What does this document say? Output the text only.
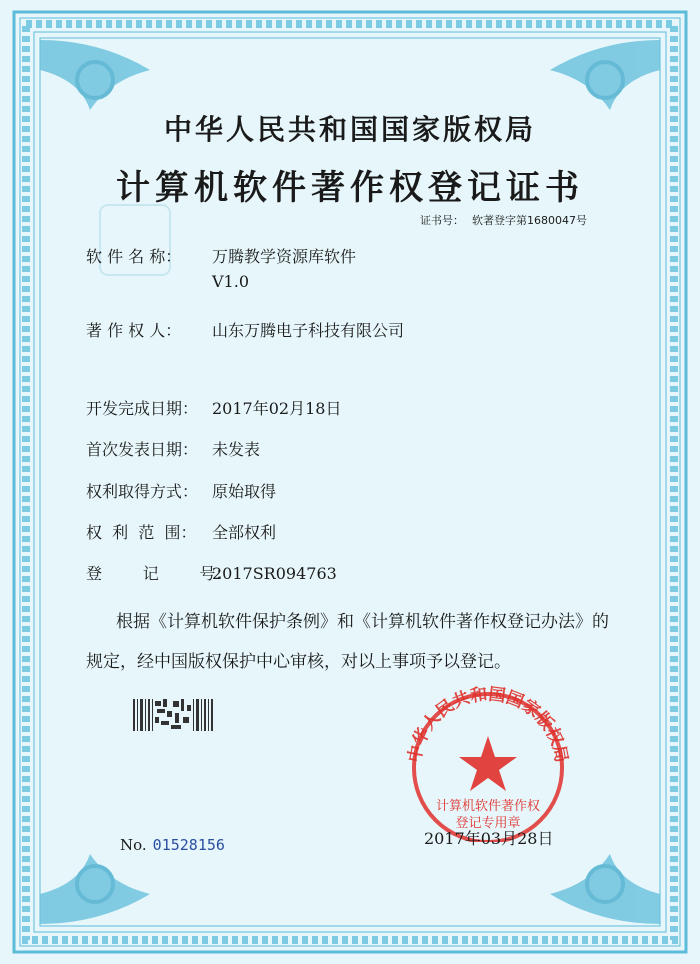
中华人民共和国国家版权局
计算机软件著作权登记证书
证书号： 软著登字第1680047号
软 件 名 称：	万腾教学资源库软件
V1.0
著 作 权 人：	山东万腾电子科技有限公司
开发完成日期： 2017年02月18日
首次发表日期： 未发表
权利取得方式： 原始取得
权  利  范  围： 全部权利
登        记        号：
2017SR094763
根据《计算机软件保护条例》和《计算机软件著作权登记办法》的
规定，经中国版权保护中心审核，对以上事项予以登记。
No. 01528156
中华人民共和国国家版权局
计算机软件著作权
登记专用章
2017年03月28日
